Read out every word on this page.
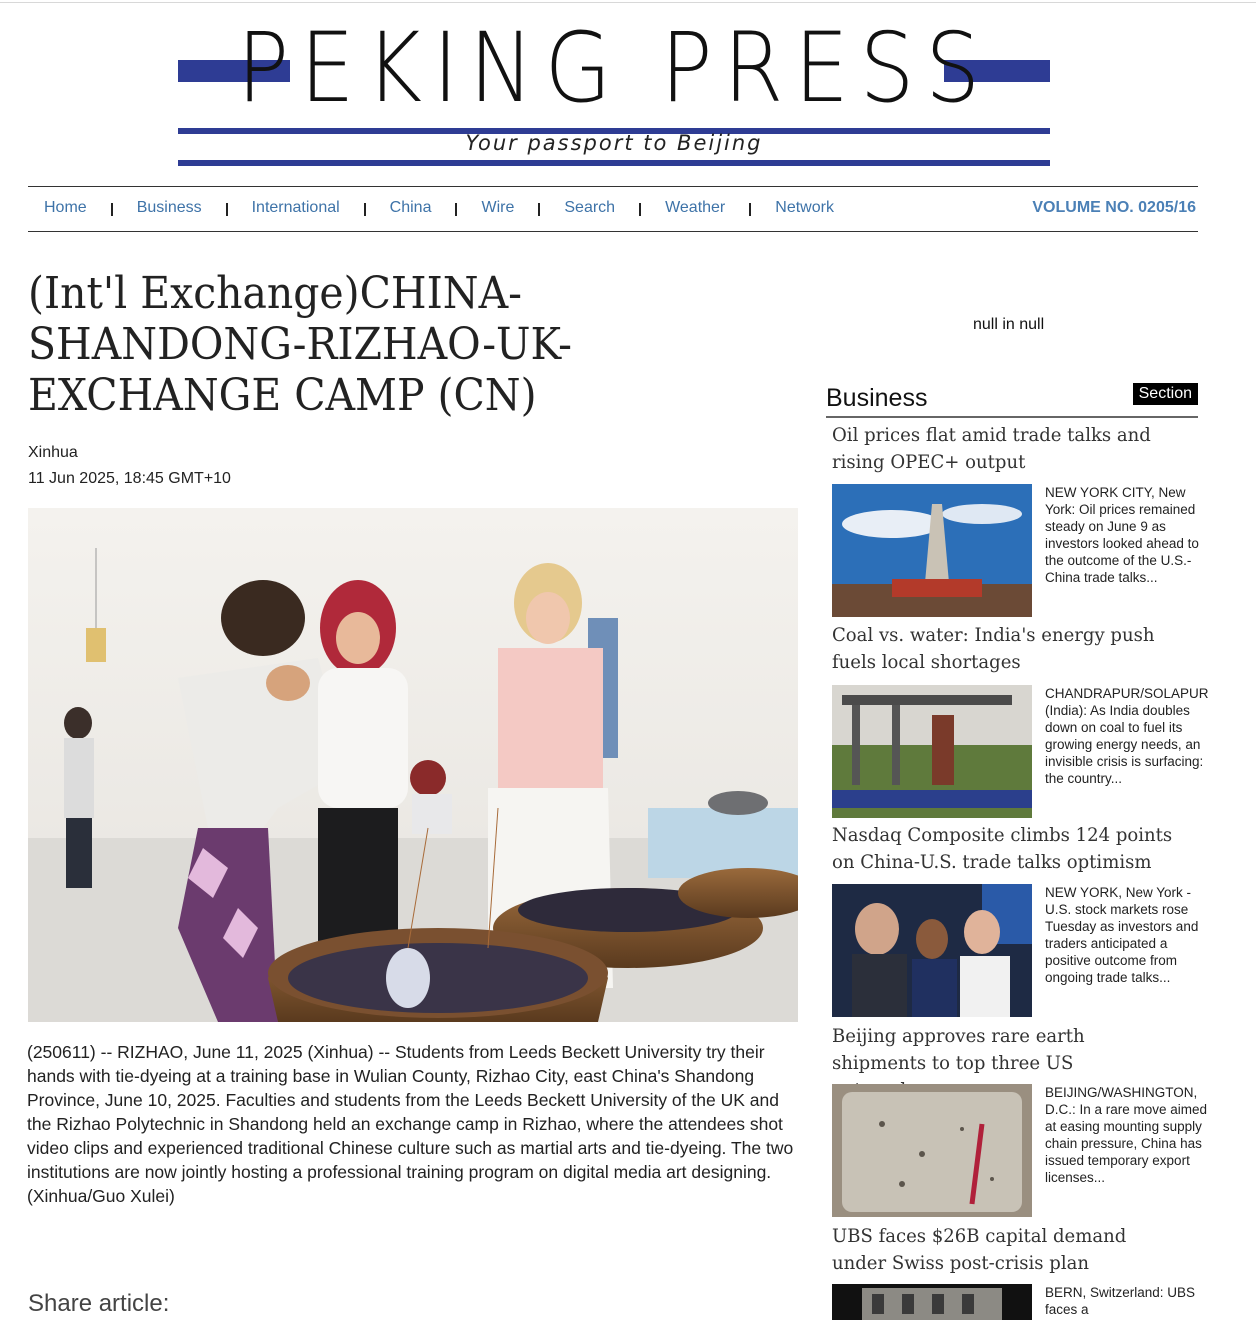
PEKING PRESS
Your passport to Beijing
Home	Business	International	China	Wire	Search	Weather	Network	VOLUME NO. 0205/16
(Int'l Exchange)CHINA-SHANDONG-RIZHAO-UK-EXCHANGE CAMP (CN)
Xinhua
11 Jun 2025, 18:45 GMT+10

(250611) -- RIZHAO, June 11, 2025 (Xinhua) -- Students from Leeds Beckett University try their hands with tie-dyeing at a training base in Wulian County, Rizhao City, east China's Shandong Province, June 10, 2025. Faculties and students from the Leeds Beckett University of the UK and the Rizhao Polytechnic in Shandong held an exchange camp in Rizhao, where the attendees shot video clips and experienced traditional Chinese culture such as martial arts and tie-dyeing. The two institutions are now jointly hosting a professional training program on digital media art designing. (Xinhua/Guo Xulei)

Share article:
null in null
Business	Section
Oil prices flat amid trade talks and rising OPEC+ output
NEW YORK CITY, New York: Oil prices remained steady on June 9 as investors looked ahead to the outcome of the U.S.-China trade talks...
Coal vs. water: India's energy push fuels local shortages
CHANDRAPUR/SOLAPUR (India): As India doubles down on coal to fuel its growing energy needs, an invisible crisis is surfacing: the country...
Nasdaq Composite climbs 124 points on China-U.S. trade talks optimism
NEW YORK, New York - U.S. stock markets rose Tuesday as investors and traders anticipated a positive outcome from ongoing trade talks...
Beijing approves rare earth shipments to top three US
BEIJING/WASHINGTON, D.C.: In a rare move aimed at easing mounting supply chain pressure, China has issued temporary export licenses...
UBS faces $26B capital demand under Swiss post-crisis plan
BERN, Switzerland: UBS faces a
